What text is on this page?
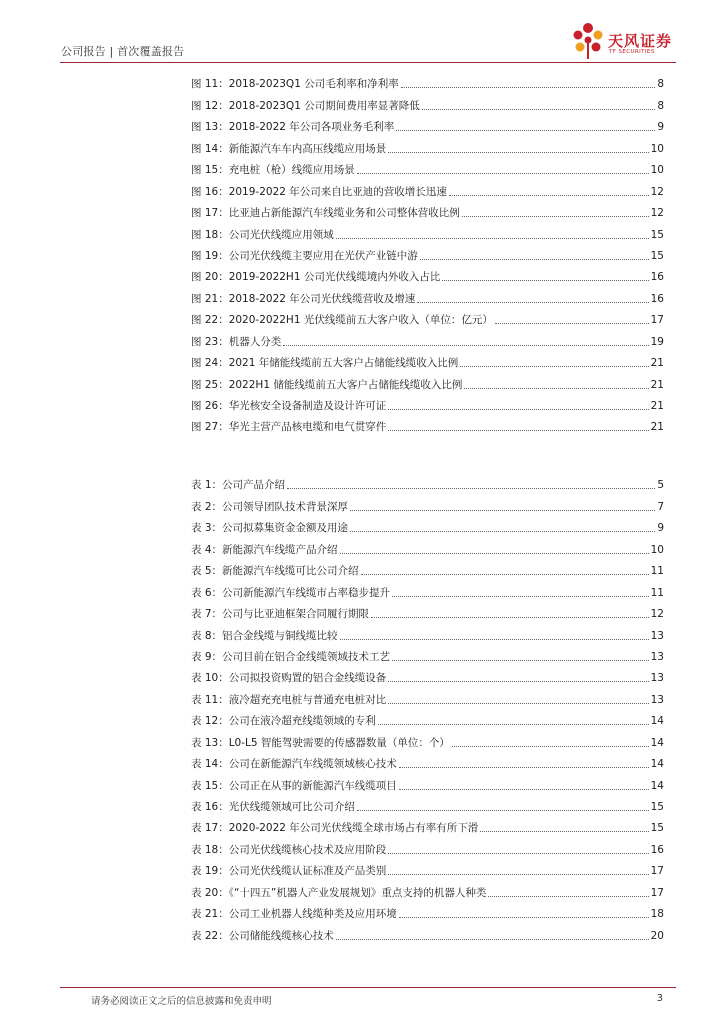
公司报告 | 首次覆盖报告
天风证券
TF SECURITIES
图 11：2018-2023Q1 公司毛利率和净利率	8
图 12：2018-2023Q1 公司期间费用率显著降低	8
图 13：2018-2022 年公司各项业务毛利率	9
图 14：新能源汽车车内高压线缆应用场景	10
图 15：充电桩（枪）线缆应用场景	10
图 16：2019-2022 年公司来自比亚迪的营收增长迅速	12
图 17：比亚迪占新能源汽车线缆业务和公司整体营收比例	12
图 18：公司光伏线缆应用领域	15
图 19：公司光伏线缆主要应用在光伏产业链中游	15
图 20：2019-2022H1 公司光伏线缆境内外收入占比	16
图 21：2018-2022 年公司光伏线缆营收及增速	16
图 22：2020-2022H1 光伏线缆前五大客户收入（单位：亿元）	17
图 23：机器人分类	19
图 24：2021 年储能线缆前五大客户占储能线缆收入比例	21
图 25：2022H1 储能线缆前五大客户占储能线缆收入比例	21
图 26：华光核安全设备制造及设计许可证	21
图 27：华光主营产品核电缆和电气贯穿件	21
表 1：公司产品介绍	5
表 2：公司领导团队技术背景深厚	7
表 3：公司拟募集资金金额及用途	9
表 4：新能源汽车线缆产品介绍	10
表 5：新能源汽车线缆可比公司介绍	11
表 6：公司新能源汽车线缆市占率稳步提升	11
表 7：公司与比亚迪框架合同履行期限	12
表 8：铝合金线缆与铜线缆比较	13
表 9：公司目前在铝合金线缆领域技术工艺	13
表 10：公司拟投资购置的铝合金线缆设备	13
表 11：液冷超充充电桩与普通充电桩对比	13
表 12：公司在液冷超充线缆领域的专利	14
表 13：L0-L5 智能驾驶需要的传感器数量（单位：个）	14
表 14：公司在新能源汽车线缆领域核心技术	14
表 15：公司正在从事的新能源汽车线缆项目	14
表 16：光伏线缆领域可比公司介绍	15
表 17：2020-2022 年公司光伏线缆全球市场占有率有所下滑	15
表 18：公司光伏线缆核心技术及应用阶段	16
表 19：公司光伏线缆认证标准及产品类别	17
表 20：《“十四五”机器人产业发展规划》重点支持的机器人种类	17
表 21：公司工业机器人线缆种类及应用环境	18
表 22：公司储能线缆核心技术	20
请务必阅读正文之后的信息披露和免责申明	3
